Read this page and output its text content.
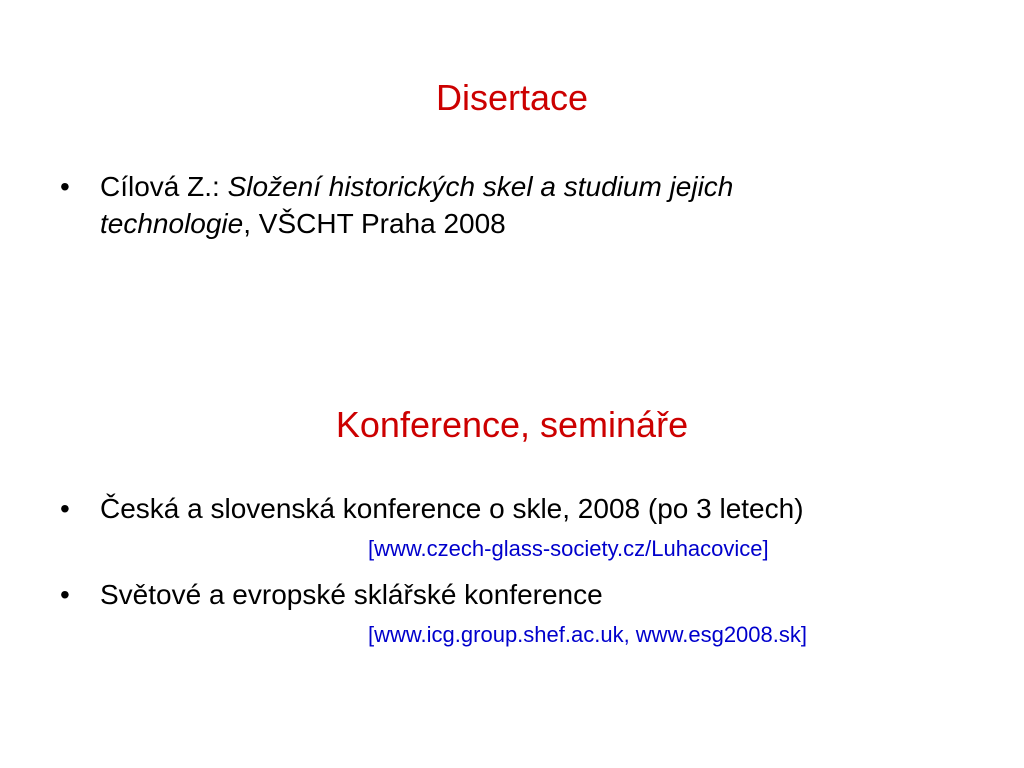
Disertace
• Cílová Z.: Složení historických skel a studium jejich
technologie, VŠCHT Praha 2008
Konference, semináře
• Česká a slovenská konference o skle, 2008 (po 3 letech)
[www.czech-glass-society.cz/Luhacovice]
• Světové a evropské sklářské konference
[www.icg.group.shef.ac.uk, www.esg2008.sk]
